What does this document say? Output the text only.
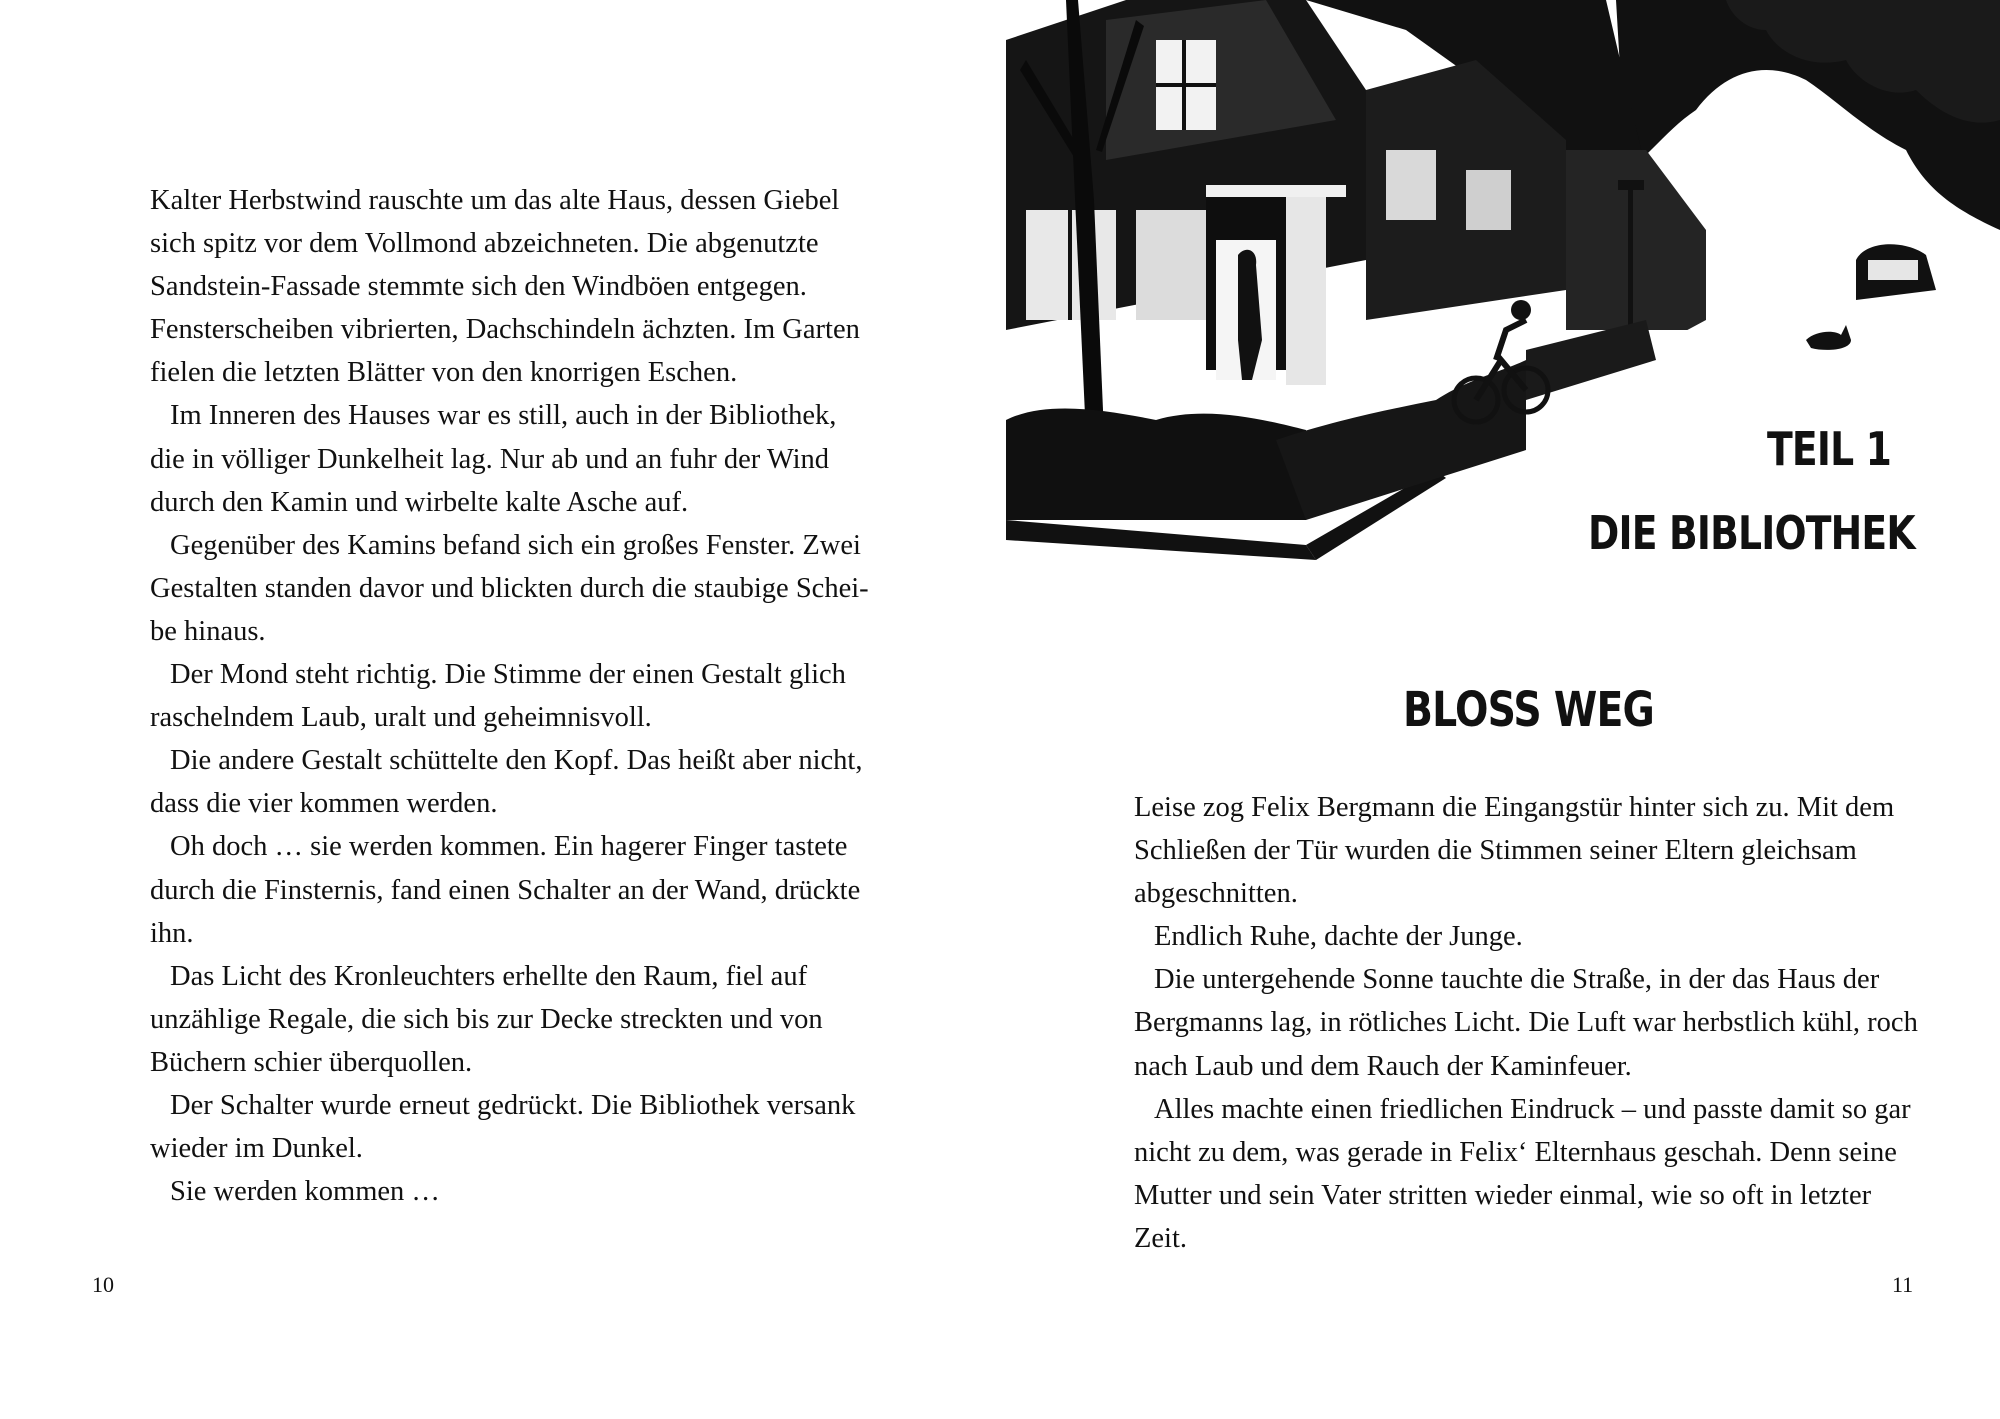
Kalter Herbstwind rauschte um das alte Haus, dessen Giebel
sich spitz vor dem Vollmond abzeichneten. Die abgenutzte
Sandstein-Fassade stemmte sich den Windböen entgegen.
Fensterscheiben vibrierten, Dachschindeln ächzten. Im Garten
fielen die letzten Blätter von den knorrigen Eschen.
Im Inneren des Hauses war es still, auch in der Bibliothek,
die in völliger Dunkelheit lag. Nur ab und an fuhr der Wind
durch den Kamin und wirbelte kalte Asche auf.
Gegenüber des Kamins befand sich ein großes Fenster. Zwei
Gestalten standen davor und blickten durch die staubige Schei-
be hinaus.
Der Mond steht richtig. Die Stimme der einen Gestalt glich
raschelndem Laub, uralt und geheimnisvoll.
Die andere Gestalt schüttelte den Kopf. Das heißt aber nicht,
dass die vier kommen werden.
Oh doch … sie werden kommen. Ein hagerer Finger tastete
durch die Finsternis, fand einen Schalter an der Wand, drückte
ihn.
Das Licht des Kronleuchters erhellte den Raum, fiel auf
unzählige Regale, die sich bis zur Decke streckten und von
Büchern schier überquollen.
Der Schalter wurde erneut gedrückt. Die Bibliothek versank
wieder im Dunkel.
Sie werden kommen …
10
TEIL 1
DIE BIBLIOTHEK
BLOSS WEG
Leise zog Felix Bergmann die Eingangstür hinter sich zu. Mit dem
Schließen der Tür wurden die Stimmen seiner Eltern gleichsam
abgeschnitten.
Endlich Ruhe, dachte der Junge.
Die untergehende Sonne tauchte die Straße, in der das Haus der
Bergmanns lag, in rötliches Licht. Die Luft war herbstlich kühl, roch
nach Laub und dem Rauch der Kaminfeuer.
Alles machte einen friedlichen Eindruck – und passte damit so gar
nicht zu dem, was gerade in Felix‘ Elternhaus geschah. Denn seine
Mutter und sein Vater stritten wieder einmal, wie so oft in letzter
Zeit.
11
